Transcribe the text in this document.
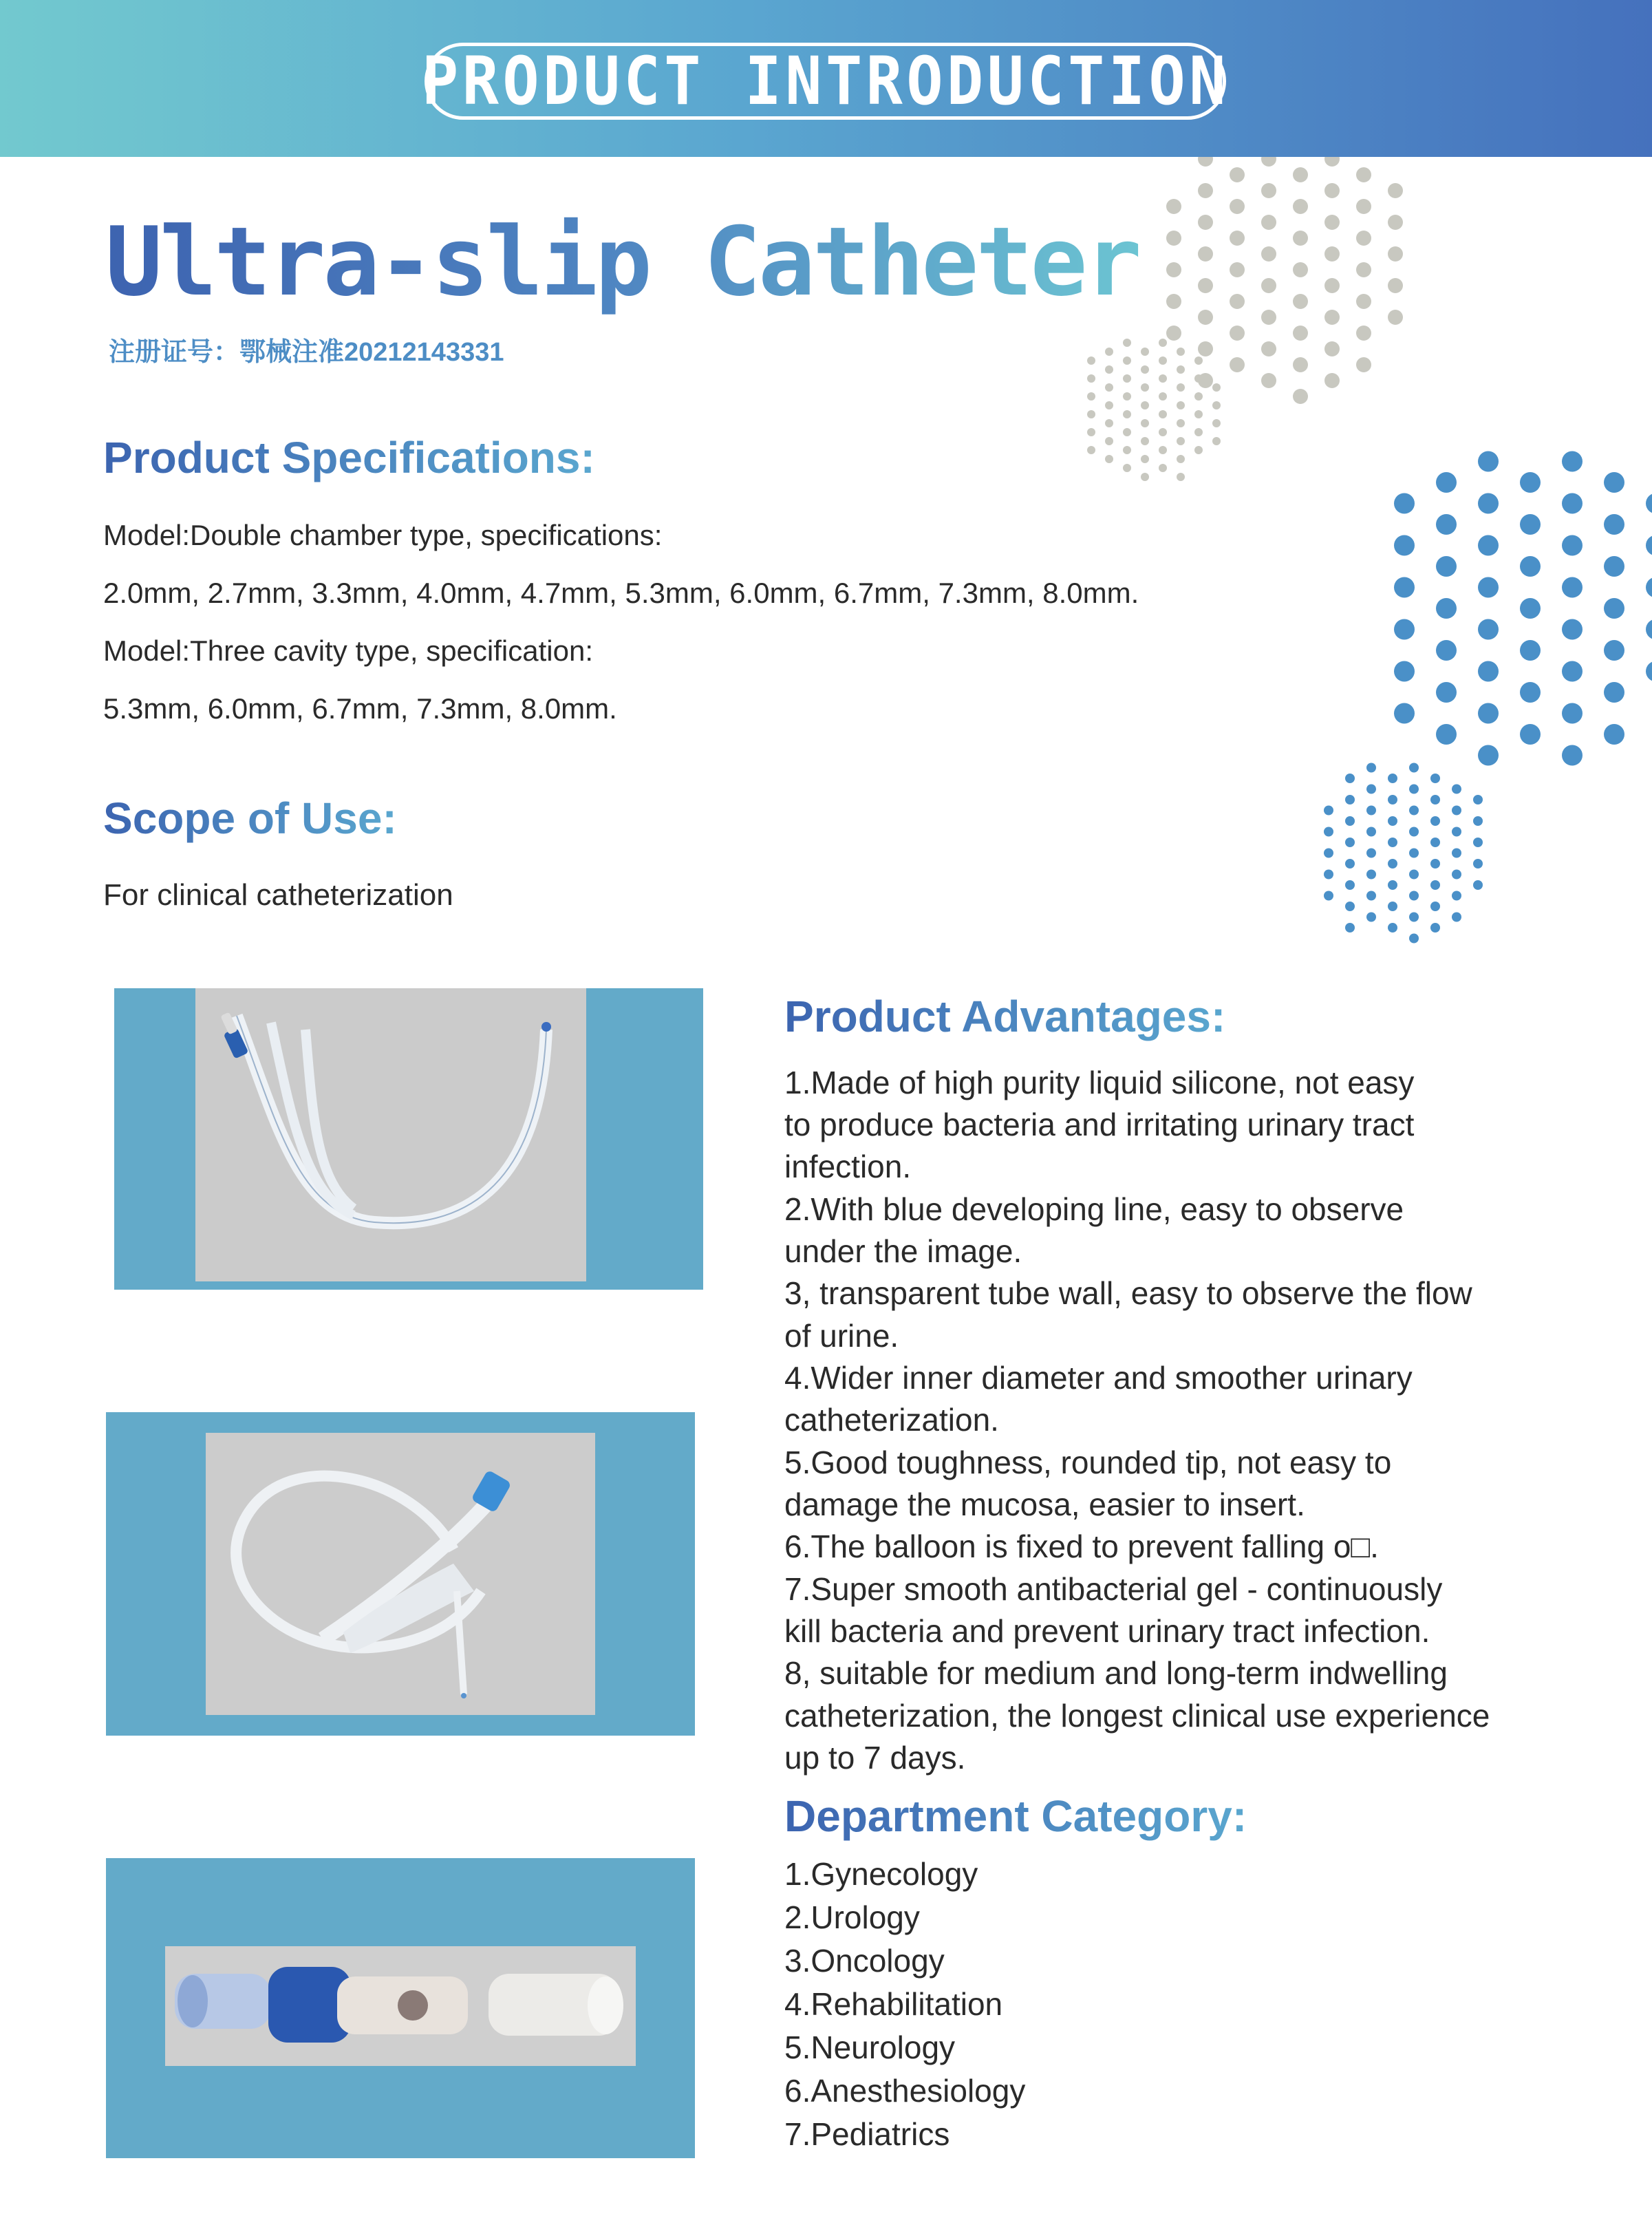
PRODUCT INTRODUCTION
Ultra-slip Catheter
注册证号：鄂械注准20212143331
Product Specifications:
Model:Double chamber type, specifications:
2.0mm, 2.7mm, 3.3mm, 4.0mm, 4.7mm, 5.3mm, 6.0mm, 6.7mm, 7.3mm, 8.0mm.
Model:Three cavity type, specification:
5.3mm, 6.0mm, 6.7mm, 7.3mm, 8.0mm.
Scope of Use:
For clinical catheterization
Product Advantages:
1.Made of high purity liquid silicone, not easy
to produce bacteria and irritating urinary tract
infection.
2.With blue developing line, easy to observe
under the image.
3, transparent tube wall, easy to observe the flow
of urine.
4.Wider inner diameter and smoother urinary
catheterization.
5.Good toughness, rounded tip, not easy to
damage the mucosa, easier to insert.
6.The balloon is fixed to prevent falling o□.
7.Super smooth antibacterial gel - continuously
kill bacteria and prevent urinary tract infection.
8, suitable for medium and long-term indwelling
catheterization, the longest clinical use experience
up to 7 days.
Department Category:
1.Gynecology
2.Urology
3.Oncology
4.Rehabilitation
5.Neurology
6.Anesthesiology
7.Pediatrics
